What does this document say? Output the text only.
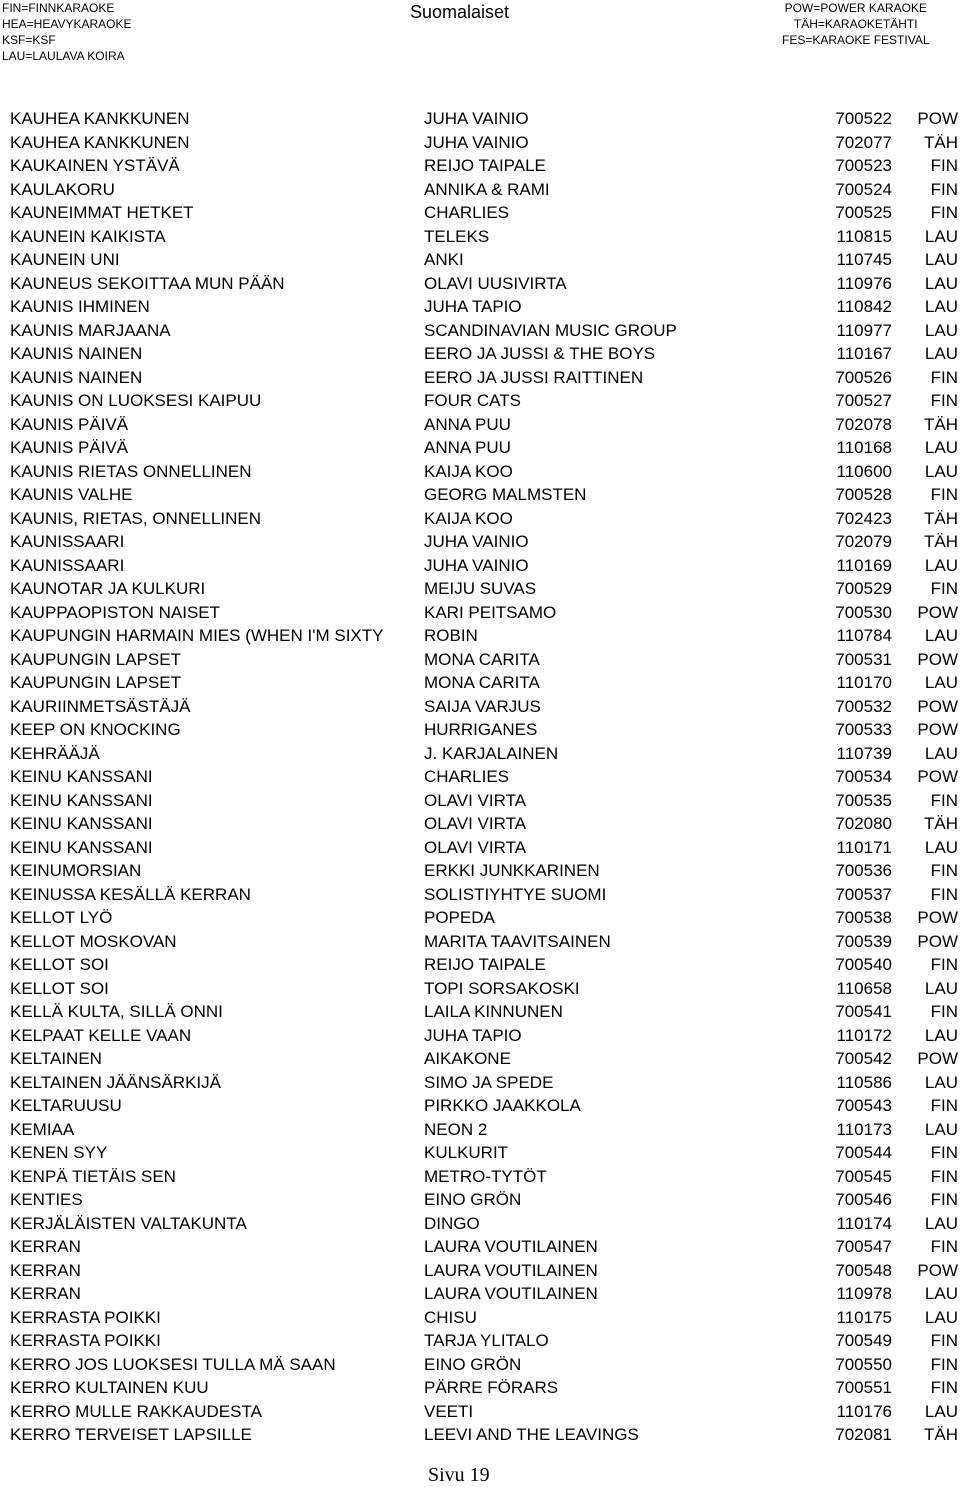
FIN=FINNKARAOKE
HEA=HEAVYKARAOKE
KSF=KSF
LAU=LAULAVA KOIRA
Suomalaiset	POW=POWER KARAOKE
TÄH=KARAOKETÄHTI
FES=KARAOKE FESTIVAL
KAUHEA KANKKUNEN	JUHA VAINIO	700522 POW
KAUHEA KANKKUNEN	JUHA VAINIO	702077 TÄH
KAUKAINEN YSTÄVÄ	REIJO TAIPALE	700523 FIN
KAULAKORU	ANNIKA & RAMI	700524 FIN
KAUNEIMMAT HETKET	CHARLIES	700525 FIN
KAUNEIN KAIKISTA	TELEKS	110815 LAU
KAUNEIN UNI	ANKI	110745 LAU
KAUNEUS SEKOITTAA MUN PÄÄN	OLAVI UUSIVIRTA	110976 LAU
KAUNIS IHMINEN	JUHA TAPIO	110842 LAU
KAUNIS MARJAANA	SCANDINAVIAN MUSIC GROUP	110977 LAU
KAUNIS NAINEN	EERO JA JUSSI & THE BOYS	110167 LAU
KAUNIS NAINEN	EERO JA JUSSI RAITTINEN	700526 FIN
KAUNIS ON LUOKSESI KAIPUU	FOUR CATS	700527 FIN
KAUNIS PÄIVÄ	ANNA PUU	702078 TÄH
KAUNIS PÄIVÄ	ANNA PUU	110168 LAU
KAUNIS RIETAS ONNELLINEN	KAIJA KOO	110600 LAU
KAUNIS VALHE	GEORG MALMSTEN	700528 FIN
KAUNIS, RIETAS, ONNELLINEN	KAIJA KOO	702423 TÄH
KAUNISSAARI	JUHA VAINIO	702079 TÄH
KAUNISSAARI	JUHA VAINIO	110169 LAU
KAUNOTAR JA KULKURI	MEIJU SUVAS	700529 FIN
KAUPPAOPISTON NAISET	KARI PEITSAMO	700530 POW
KAUPUNGIN HARMAIN MIES (WHEN I'M SIXTY	ROBIN	110784 LAU
KAUPUNGIN LAPSET	MONA CARITA	700531 POW
KAUPUNGIN LAPSET	MONA CARITA	110170 LAU
KAURIINMETSÄSTÄJÄ	SAIJA VARJUS	700532 POW
KEEP ON KNOCKING	HURRIGANES	700533 POW
KEHRÄÄJÄ	J. KARJALAINEN	110739 LAU
KEINU KANSSANI	CHARLIES	700534 POW
KEINU KANSSANI	OLAVI VIRTA	700535 FIN
KEINU KANSSANI	OLAVI VIRTA	702080 TÄH
KEINU KANSSANI	OLAVI VIRTA	110171 LAU
KEINUMORSIAN	ERKKI JUNKKARINEN	700536 FIN
KEINUSSA KESÄLLÄ KERRAN	SOLISTIYHTYE SUOMI	700537 FIN
KELLOT LYÖ	POPEDA	700538 POW
KELLOT MOSKOVAN	MARITA TAAVITSAINEN	700539 POW
KELLOT SOI	REIJO TAIPALE	700540 FIN
KELLOT SOI	TOPI SORSAKOSKI	110658 LAU
KELLÄ KULTA, SILLÄ ONNI	LAILA KINNUNEN	700541 FIN
KELPAAT KELLE VAAN	JUHA TAPIO	110172 LAU
KELTAINEN	AIKAKONE	700542 POW
KELTAINEN JÄÄNSÄRKIJÄ	SIMO JA SPEDE	110586 LAU
KELTARUUSU	PIRKKO JAAKKOLA	700543 FIN
KEMIAA	NEON 2	110173 LAU
KENEN SYY	KULKURIT	700544 FIN
KENPÄ TIETÄIS SEN	METRO-TYTÖT	700545 FIN
KENTIES	EINO GRÖN	700546 FIN
KERJÄLÄISTEN VALTAKUNTA	DINGO	110174 LAU
KERRAN	LAURA VOUTILAINEN	700547 FIN
KERRAN	LAURA VOUTILAINEN	700548 POW
KERRAN	LAURA VOUTILAINEN	110978 LAU
KERRASTA POIKKI	CHISU	110175 LAU
KERRASTA POIKKI	TARJA YLITALO	700549 FIN
KERRO JOS LUOKSESI TULLA MÄ SAAN	EINO GRÖN	700550 FIN
KERRO KULTAINEN KUU	PÄRRE FÖRARS	700551 FIN
KERRO MULLE RAKKAUDESTA	VEETI	110176 LAU
KERRO TERVEISET LAPSILLE	LEEVI AND THE LEAVINGS	702081 TÄH
Sivu 19
